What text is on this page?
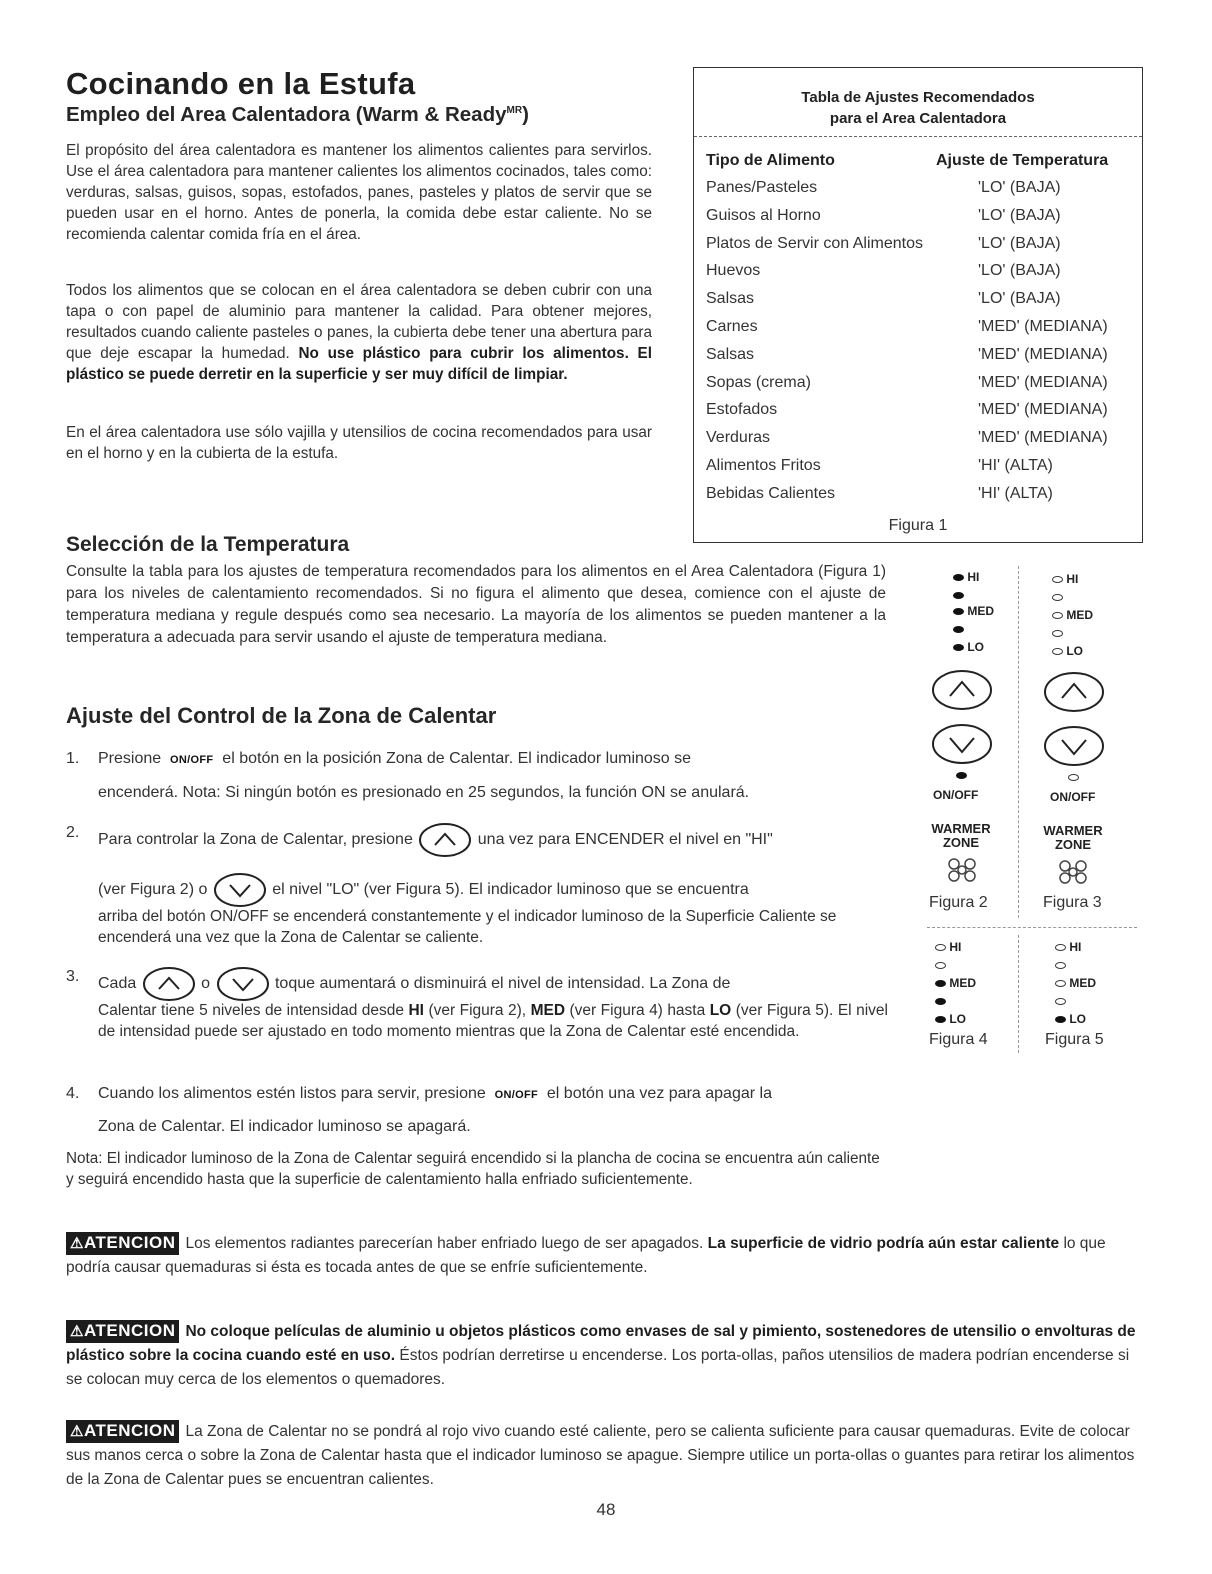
Cocinando en la Estufa
Empleo del Area Calentadora (Warm & Ready$^{MR}$)

El propósito del área calentadora es mantener los alimentos calientes para servirlos. Use el área calentadora para mantener calientes los alimentos cocinados, tales como: verduras, salsas, guisos, sopas, estofados, panes, pasteles y platos de servir que se pueden usar en el horno. Antes de ponerla, la comida debe estar caliente. No se recomienda calentar comida fría en el área.

Todos los alimentos que se colocan en el área calentadora se deben cubrir con una tapa o con papel de aluminio para mantener la calidad. Para obtener mejores, resultados cuando caliente pasteles o panes, la cubierta debe tener una abertura para que deje escapar la humedad. No use plástico para cubrir los alimentos. El plástico se puede derretir en la superficie y ser muy difícil de limpiar.

En el área calentadora use sólo vajilla y utensilios de cocina recomendados para usar en el horno y en la cubierta de la estufa.

Tabla de Ajustes Recomendados
para el Area Calentadora
Tipo de Alimento	Ajuste de Temperatura
Panes/Pasteles	'LO' (BAJA)
Guisos al Horno	'LO' (BAJA)
Platos de Servir con Alimentos	'LO' (BAJA)
Huevos	'LO' (BAJA)
Salsas	'LO' (BAJA)
Carnes	'MED' (MEDIANA)
Salsas	'MED' (MEDIANA)
Sopas (crema)	'MED' (MEDIANA)
Estofados	'MED' (MEDIANA)
Verduras	'MED' (MEDIANA)
Alimentos Fritos	'HI' (ALTA)
Bebidas Calientes	'HI' (ALTA)
Figura 1
Selección de la Temperatura

Consulte la tabla para los ajustes de temperatura recomendados para los alimentos en el Area Calentadora (Figura 1) para los niveles de calentamiento recomendados. Si no figura el alimento que desea, comience con el ajuste de temperatura mediana y regule después como sea necesario. La mayoría de los alimentos se pueden mantener a la temperatura a adecuada para servir usando el ajuste de temperatura mediana.

Ajuste del Control de la Zona de Calentar
1. Presione ON/OFF el botón en la posición Zona de Calentar. El indicador luminoso se
encenderá. Nota: Si ningún botón es presionado en 25 segundos, la función ON se anulará.
2. Para controlar la Zona de Calentar, presione	una vez para ENCENDER el nivel en "HI"
(ver Figura 2) o	el nivel "LO" (ver Figura 5). El indicador luminoso que se encuentra
arriba del botón ON/OFF se encenderá constantemente y el indicador luminoso de la Superficie Caliente se encenderá una vez que la Zona de Calentar se caliente.
3. Cada	o	toque aumentará o disminuirá el nivel de intensidad. La Zona de
Calentar tiene 5 niveles de intensidad desde HI (ver Figura 2), MED (ver Figura 4) hasta LO (ver Figura 5). El nivel de intensidad puede ser ajustado en todo momento mientras que la Zona de Calentar esté encendida.
4. Cuando los alimentos estén listos para servir, presione ON/OFF el botón una vez para apagar la
Zona de Calentar. El indicador luminoso se apagará.

Nota: El indicador luminoso de la Zona de Calentar seguirá encendido si la plancha de cocina se encuentra aún caliente y seguirá encendido hasta que la superficie de calentamiento halla enfriado suficientemente.

HI
MED
LO
HI
MED
LO
ON/OFF	ON/OFF
WARMER
ZONE
WARMER
ZONE
Figura 2	Figura 3
HI
MED
LO
Figura 4
HI
MED
LO
Figura 5
⚠ATENCION Los elementos radiantes parecerían haber enfriado luego de ser apagados. La superficie de vidrio podría aún estar caliente lo que podría causar quemaduras si ésta es tocada antes de que se enfríe suficientemente.
⚠ATENCION No coloque películas de aluminio u objetos plásticos como envases de sal y pimiento, sostenedores de utensilio o envolturas de plástico sobre la cocina cuando esté en uso. Éstos podrían derretirse u encenderse. Los porta-ollas, paños utensilios de madera podrían encenderse si se colocan muy cerca de los elementos o quemadores.
⚠ATENCION La Zona de Calentar no se pondrá al rojo vivo cuando esté caliente, pero se calienta suficiente para causar quemaduras. Evite de colocar sus manos cerca o sobre la Zona de Calentar hasta que el indicador luminoso se apague. Siempre utilice un porta-ollas o guantes para retirar los alimentos de la Zona de Calentar pues se encuentran calientes.
48
